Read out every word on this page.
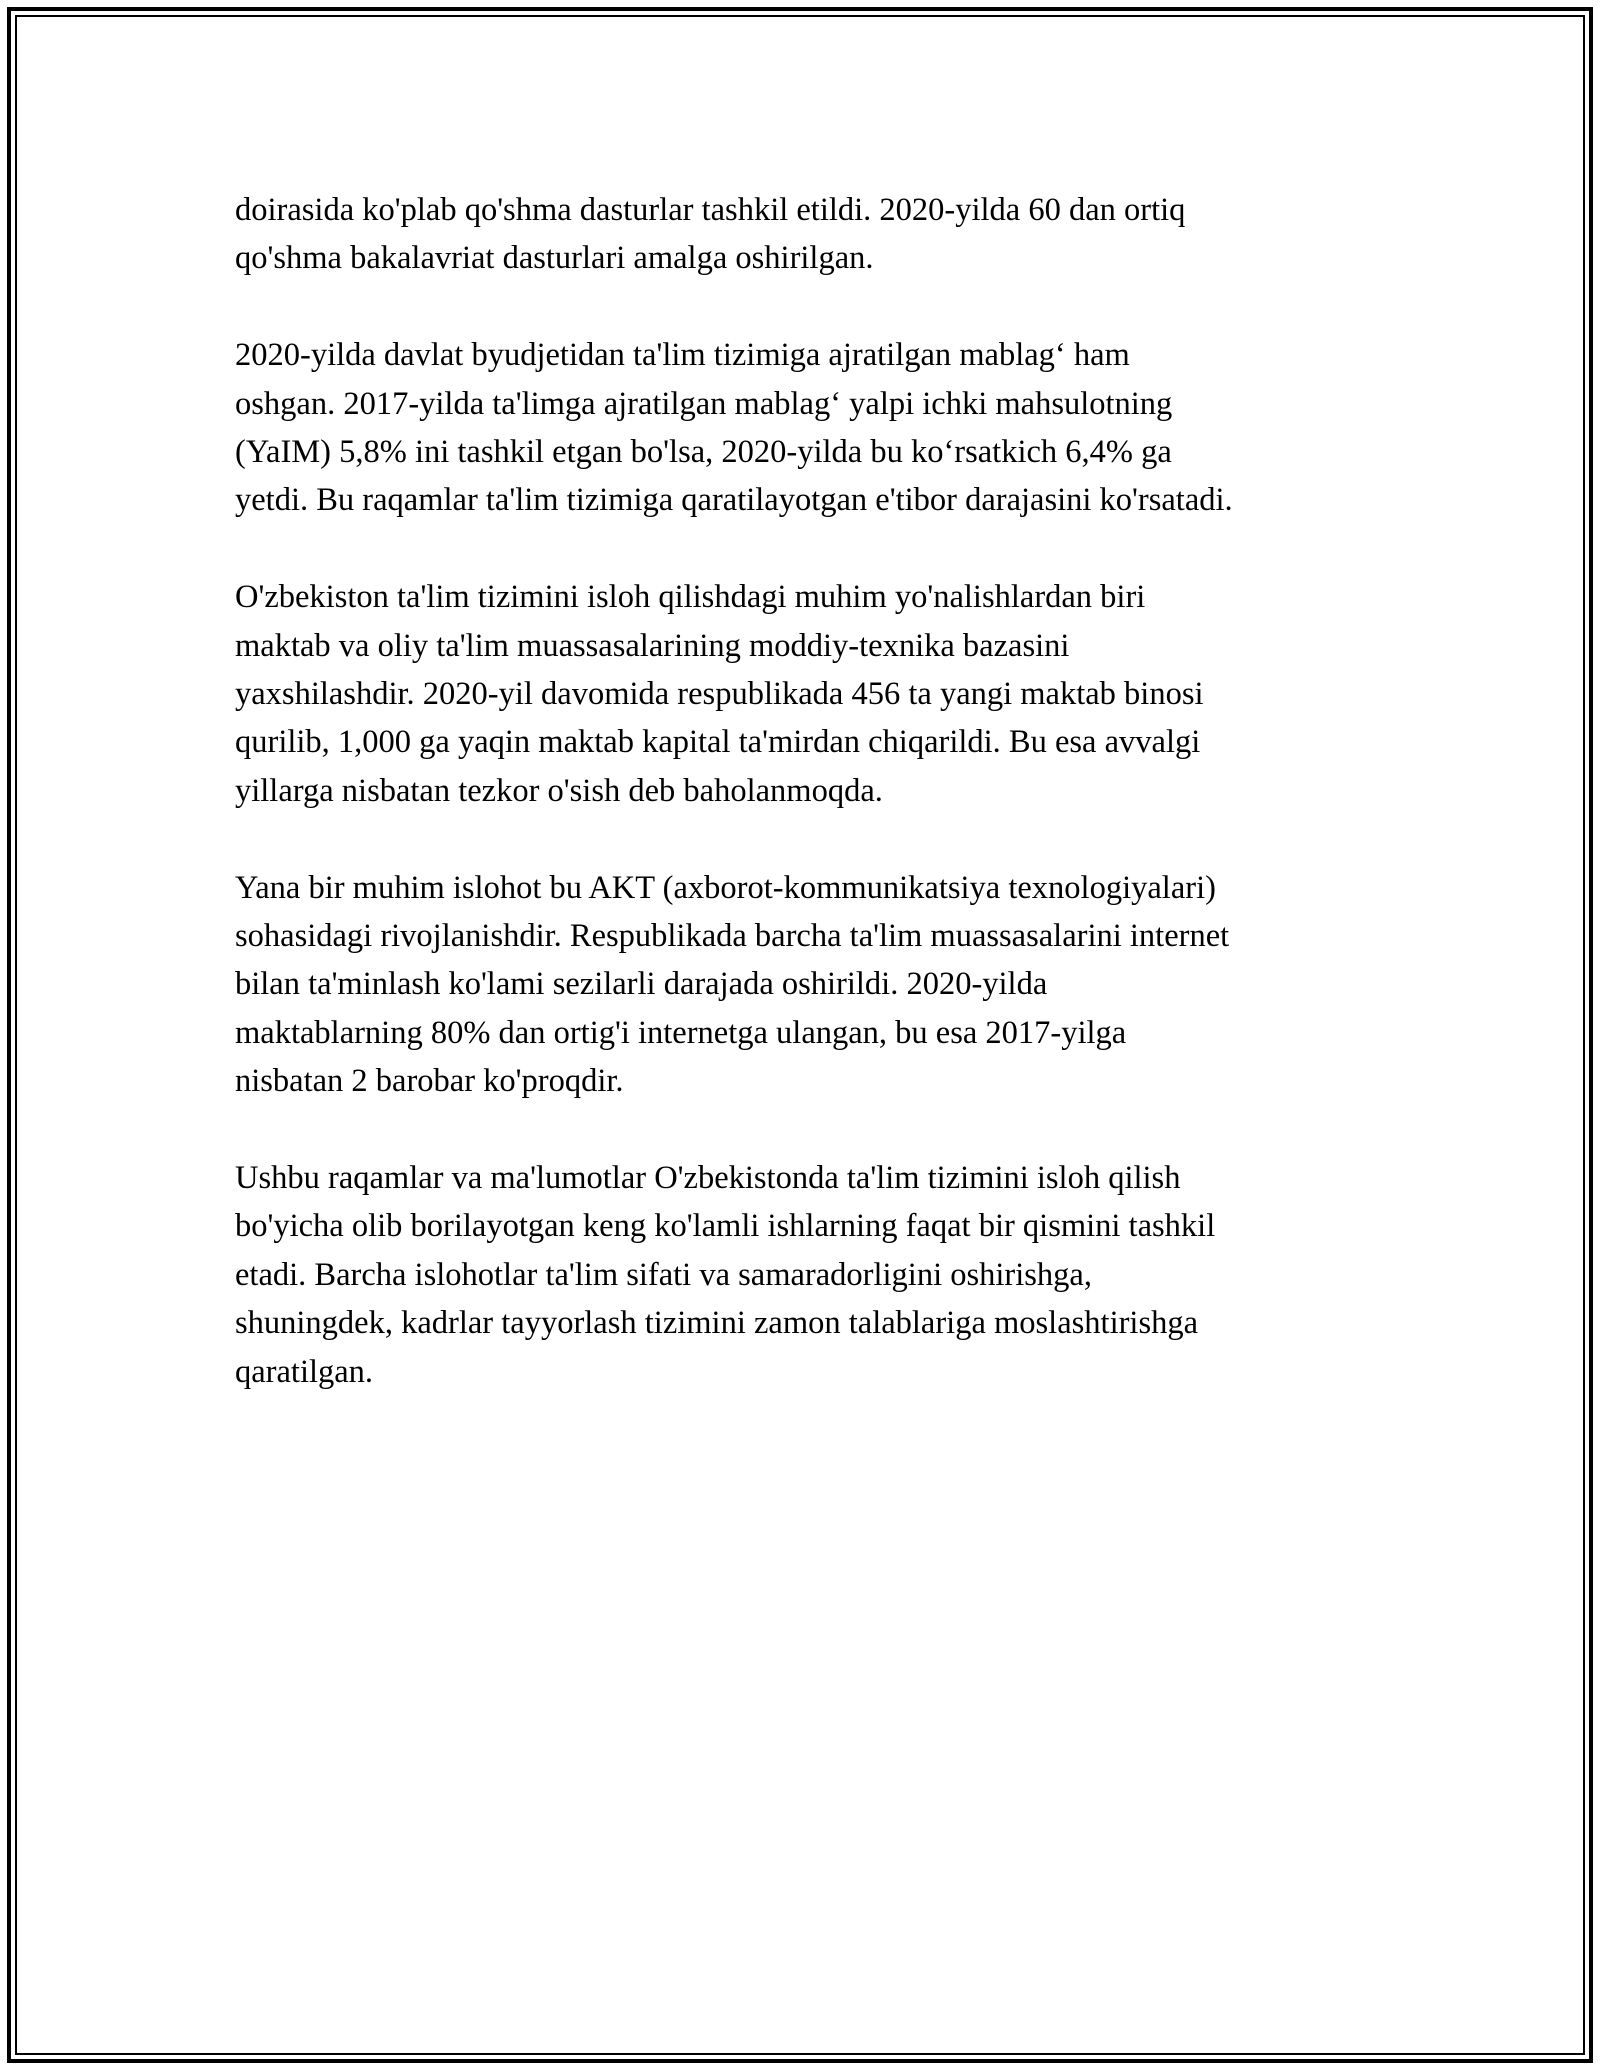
doirasida ko'plab qo'shma dasturlar tashkil etildi. 2020-yilda 60 dan ortiq
qo'shma bakalavriat dasturlari amalga oshirilgan.

2020-yilda davlat byudjetidan ta'lim tizimiga ajratilgan mablag‘ ham
oshgan. 2017-yilda ta'limga ajratilgan mablag‘ yalpi ichki mahsulotning
(YaIM) 5,8% ini tashkil etgan bo'lsa, 2020-yilda bu ko‘rsatkich 6,4% ga
yetdi. Bu raqamlar ta'lim tizimiga qaratilayotgan e'tibor darajasini ko'rsatadi.

O'zbekiston ta'lim tizimini isloh qilishdagi muhim yo'nalishlardan biri
maktab va oliy ta'lim muassasalarining moddiy-texnika bazasini
yaxshilashdir. 2020-yil davomida respublikada 456 ta yangi maktab binosi
qurilib, 1,000 ga yaqin maktab kapital ta'mirdan chiqarildi. Bu esa avvalgi
yillarga nisbatan tezkor o'sish deb baholanmoqda.

Yana bir muhim islohot bu AKT (axborot-kommunikatsiya texnologiyalari)
sohasidagi rivojlanishdir. Respublikada barcha ta'lim muassasalarini internet
bilan ta'minlash ko'lami sezilarli darajada oshirildi. 2020-yilda
maktablarning 80% dan ortig'i internetga ulangan, bu esa 2017-yilga
nisbatan 2 barobar ko'proqdir.

Ushbu raqamlar va ma'lumotlar O'zbekistonda ta'lim tizimini isloh qilish
bo'yicha olib borilayotgan keng ko'lamli ishlarning faqat bir qismini tashkil
etadi. Barcha islohotlar ta'lim sifati va samaradorligini oshirishga,
shuningdek, kadrlar tayyorlash tizimini zamon talablariga moslashtirishga
qaratilgan.
